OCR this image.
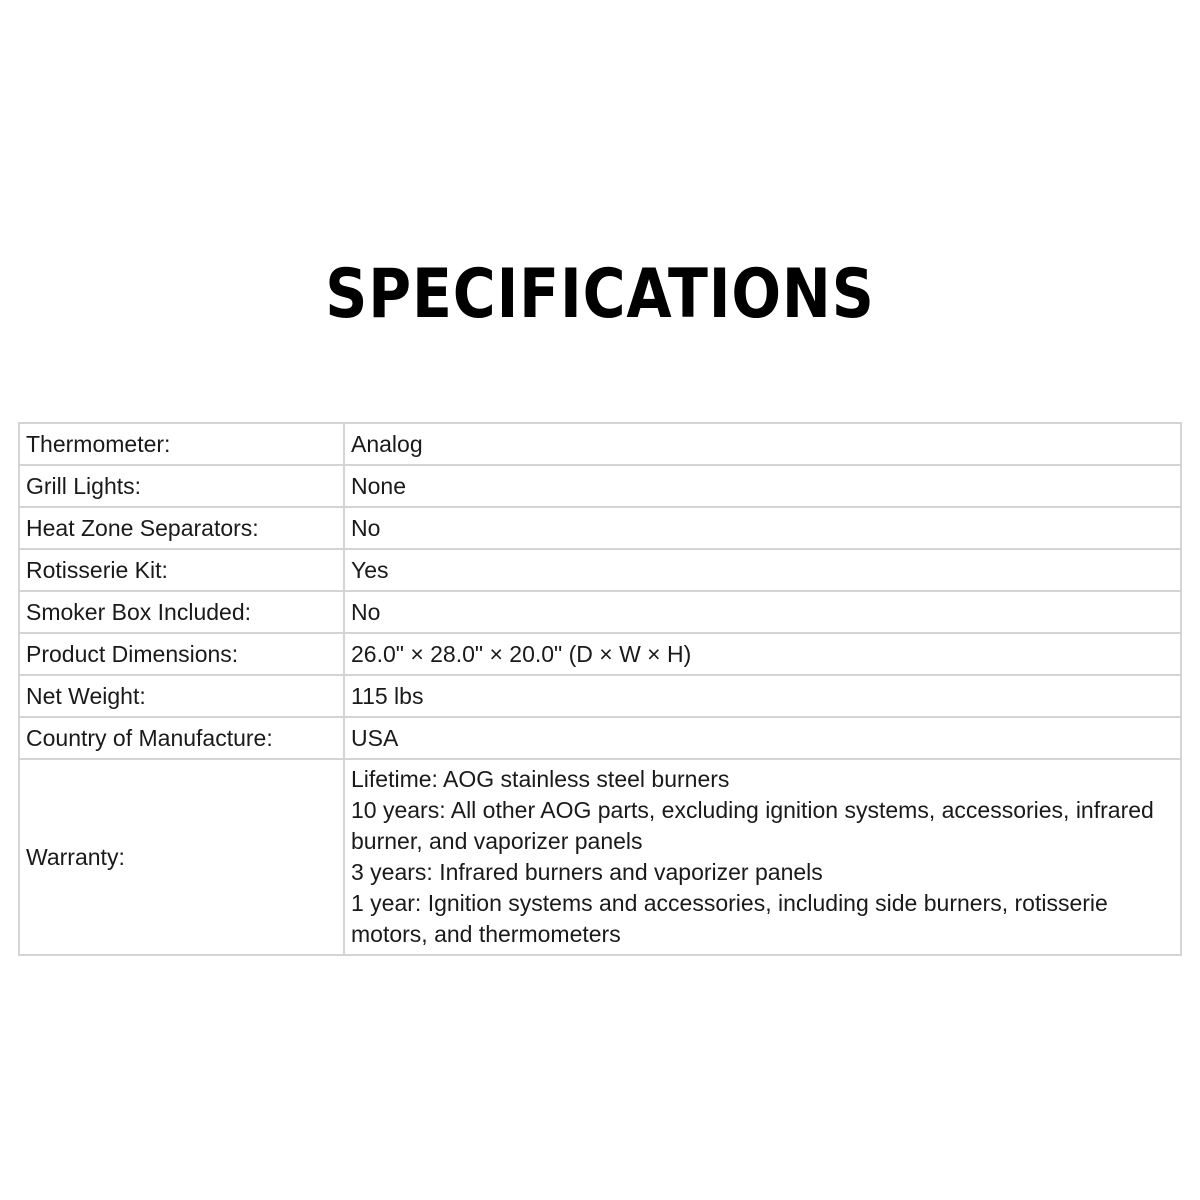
SPECIFICATIONS
Thermometer:	Analog
Grill Lights:	None
Heat Zone Separators:	No
Rotisserie Kit:	Yes
Smoker Box Included:	No
Product Dimensions:	26.0" × 28.0" × 20.0" (D × W × H)
Net Weight:	115 lbs
Country of Manufacture:	USA
Warranty:	Lifetime: AOG stainless steel burners
10 years: All other AOG parts, excluding ignition systems, accessories, infrared burner, and vaporizer panels
3 years: Infrared burners and vaporizer panels
1 year: Ignition systems and accessories, including side burners, rotisserie motors, and thermometers
